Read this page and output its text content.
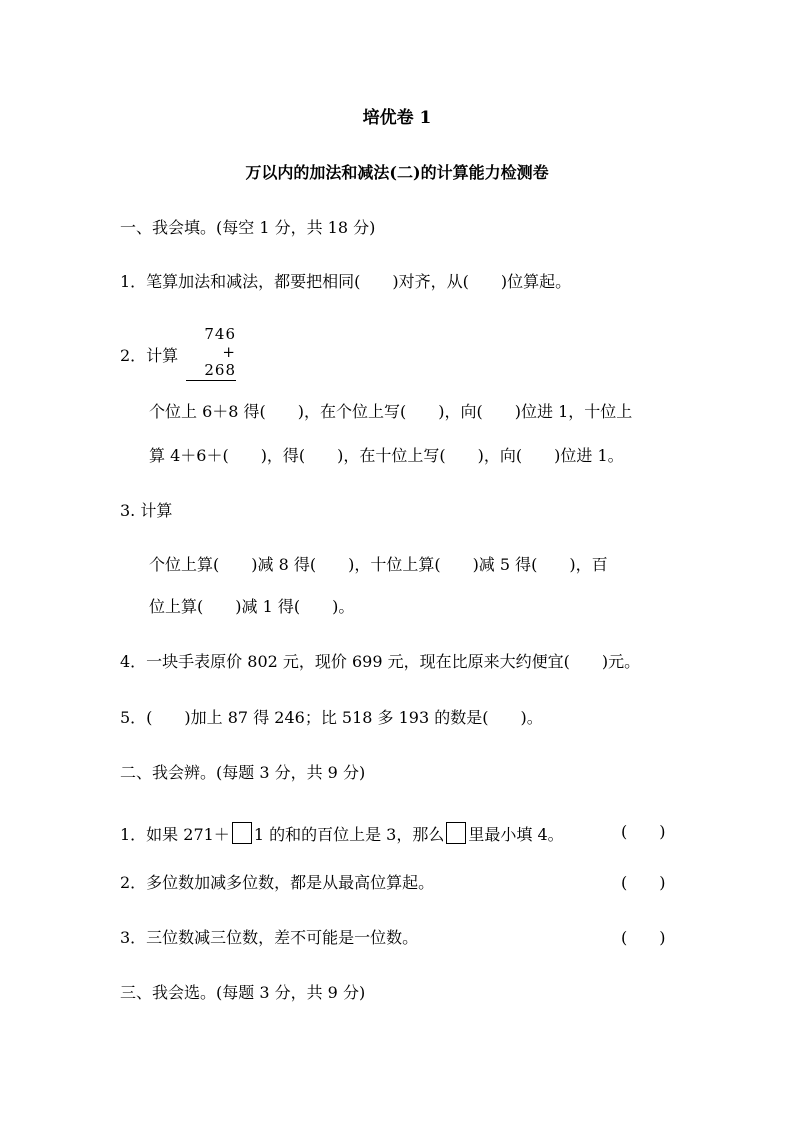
培优卷 1
万以内的加法和减法(二)的计算能力检测卷
一、我会填。(每空 1 分，共 18 分)
1．笔算加法和减法，都要把相同(　　)对齐，从(　　)位算起。
2．计算
746
+ 268
个位上 6＋8 得(　　)，在个位上写(　　)，向(　　)位进 1，十位上
算 4＋6＋(　　)，得(　　)，在十位上写(　　)，向(　　)位进 1。
3. 计算
个位上算(　　)减 8 得(　　)，十位上算(　　)减 5 得(　　)，百
位上算(　　)减 1 得(　　)。
4．一块手表原价 802 元，现价 699 元，现在比原来大约便宜(　　)元。
5．(　　)加上 87 得 246；比 518 多 193 的数是(　　)。
二、我会辨。(每题 3 分，共 9 分)
1．如果 271＋ 1 的和的百位上是 3，那么 里最小填 4。	(　　)
2．多位数加减多位数，都是从最高位算起。	(　　)
3．三位数减三位数，差不可能是一位数。	(　　)
三、我会选。(每题 3 分，共 9 分)
